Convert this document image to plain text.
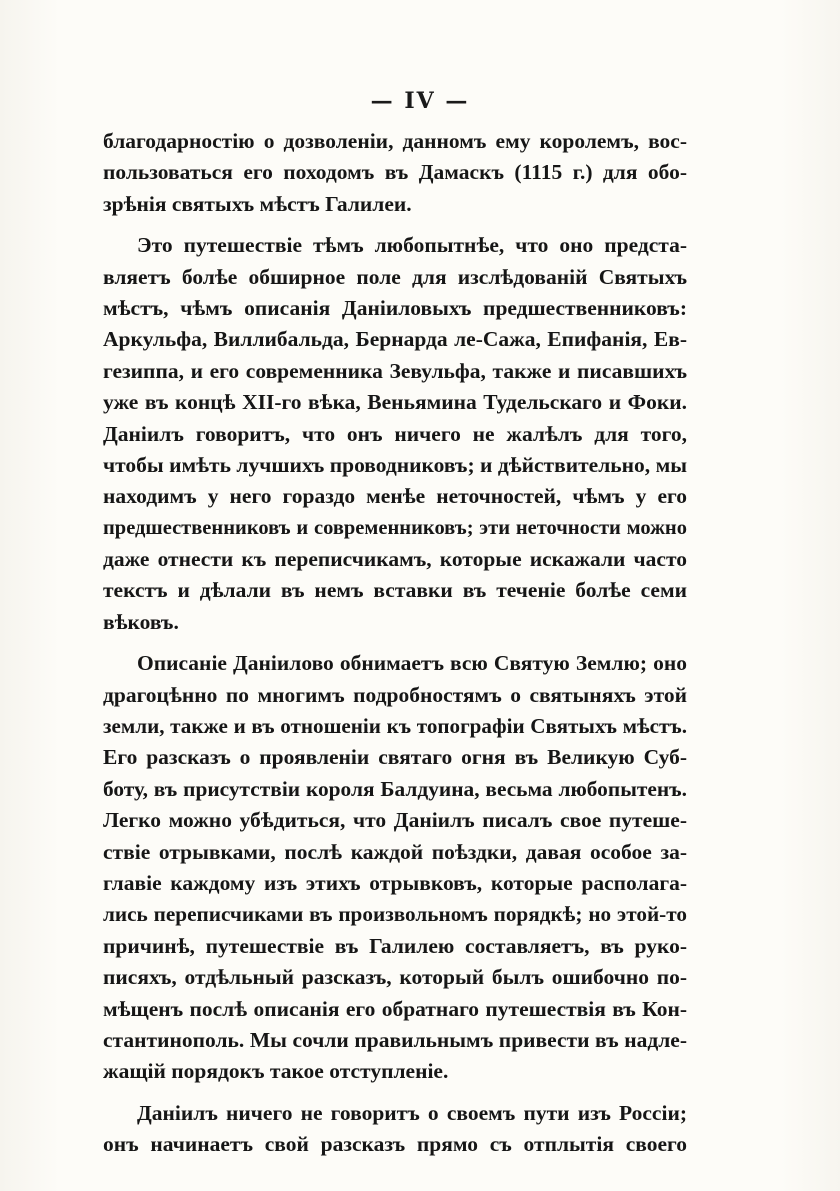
— IV —
благодарностію о дозволеніи, данномъ ему королемъ, вос-
пользоваться его походомъ въ Дамаскъ (1115 г.) для обо-
зрѣнія святыхъ мѣстъ Галилеи.
Это путешествіе тѣмъ любопытнѣе, что оно предста-
вляетъ болѣе обширное поле для изслѣдованій Святыхъ
мѣстъ, чѣмъ описанія Даніиловыхъ предшественниковъ:
Аркульфа, Виллибальда, Бернарда ле-Сажа, Епифанія, Ев-
гезиппа, и его современника Зевульфа, также и писавшихъ
уже въ концѣ XII-го вѣка, Веньямина Тудельскаго и Фоки.
Даніилъ говоритъ, что онъ ничего не жалѣлъ для того,
чтобы имѣть лучшихъ проводниковъ; и дѣйствительно, мы
находимъ у него гораздо менѣе неточностей, чѣмъ у его
предшественниковъ и современниковъ; эти неточности можно
даже отнести къ переписчикамъ, которые искажали часто
текстъ и дѣлали въ немъ вставки въ теченіе болѣе семи
вѣковъ.
Описаніе Даніилово обнимаетъ всю Святую Землю; оно
драгоцѣнно по многимъ подробностямъ о святыняхъ этой
земли, также и въ отношеніи къ топографіи Святыхъ мѣстъ.
Его разсказъ о проявленіи святаго огня въ Великую Суб-
боту, въ присутствіи короля Балдуина, весьма любопытенъ.
Легко можно убѣдиться, что Даніилъ писалъ свое путеше-
ствіе отрывками, послѣ каждой поѣздки, давая особое за-
главіе каждому изъ этихъ отрывковъ, которые располага-
лись переписчиками въ произвольномъ порядкѣ; но этой-то
причинѣ, путешествіе въ Галилею составляетъ, въ руко-
писяхъ, отдѣльный разсказъ, который былъ ошибочно по-
мѣщенъ послѣ описанія его обратнаго путешествія въ Кон-
стантинополь. Мы сочли правильнымъ привести въ надле-
жащій порядокъ такое отступленіе.
Даніилъ ничего не говоритъ о своемъ пути изъ Россіи;
онъ начинаетъ свой разсказъ прямо съ отплытія своего
